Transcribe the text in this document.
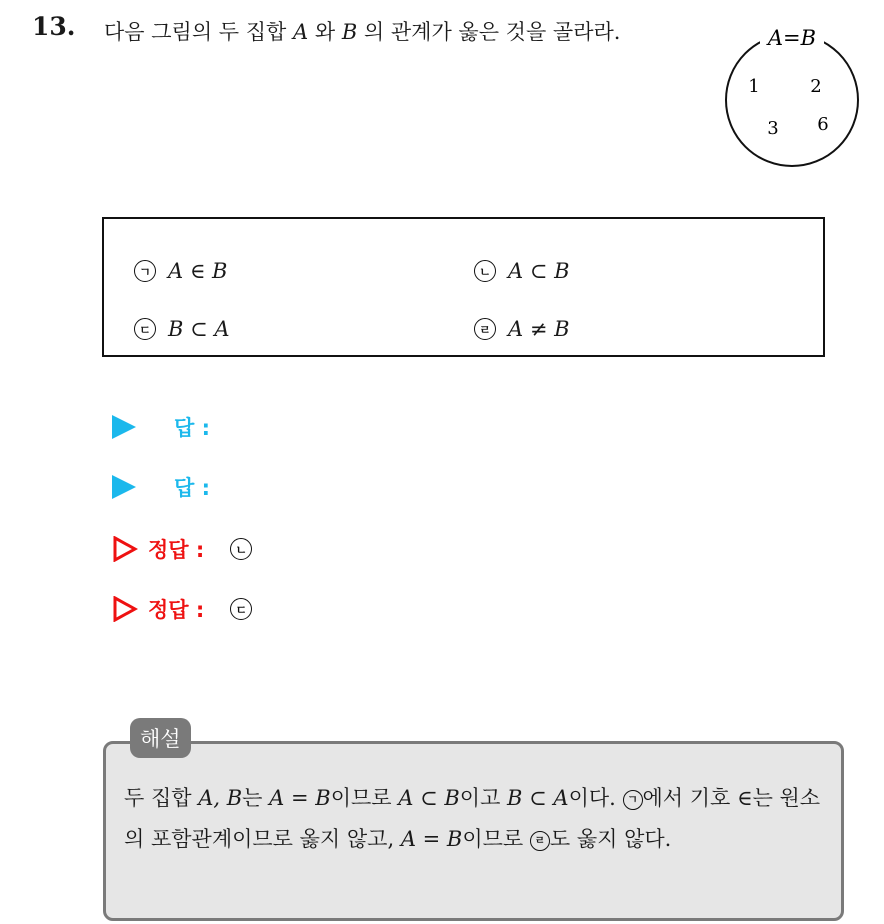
13. 다음 그림의 두 집합 A 와 B 의 관계가 옳은 것을 골라라.	A=B
1	2
3 6
ㄱ A ∈ B	ㄴ A ⊂ B
ㄷ B ⊂ A	ㄹ A ≠ B
답 :
답 :
정답 :	ㄴ
정답 :	ㄷ
해설
두 집합 A, B는 A = B이므로 A ⊂ B이고 B ⊂ A이다. ㄱ 에서 기호 ∈는 원소의 포함관계이므로 옳지 않고, A = B이므로 ㄹ 도 옳지 않다.
